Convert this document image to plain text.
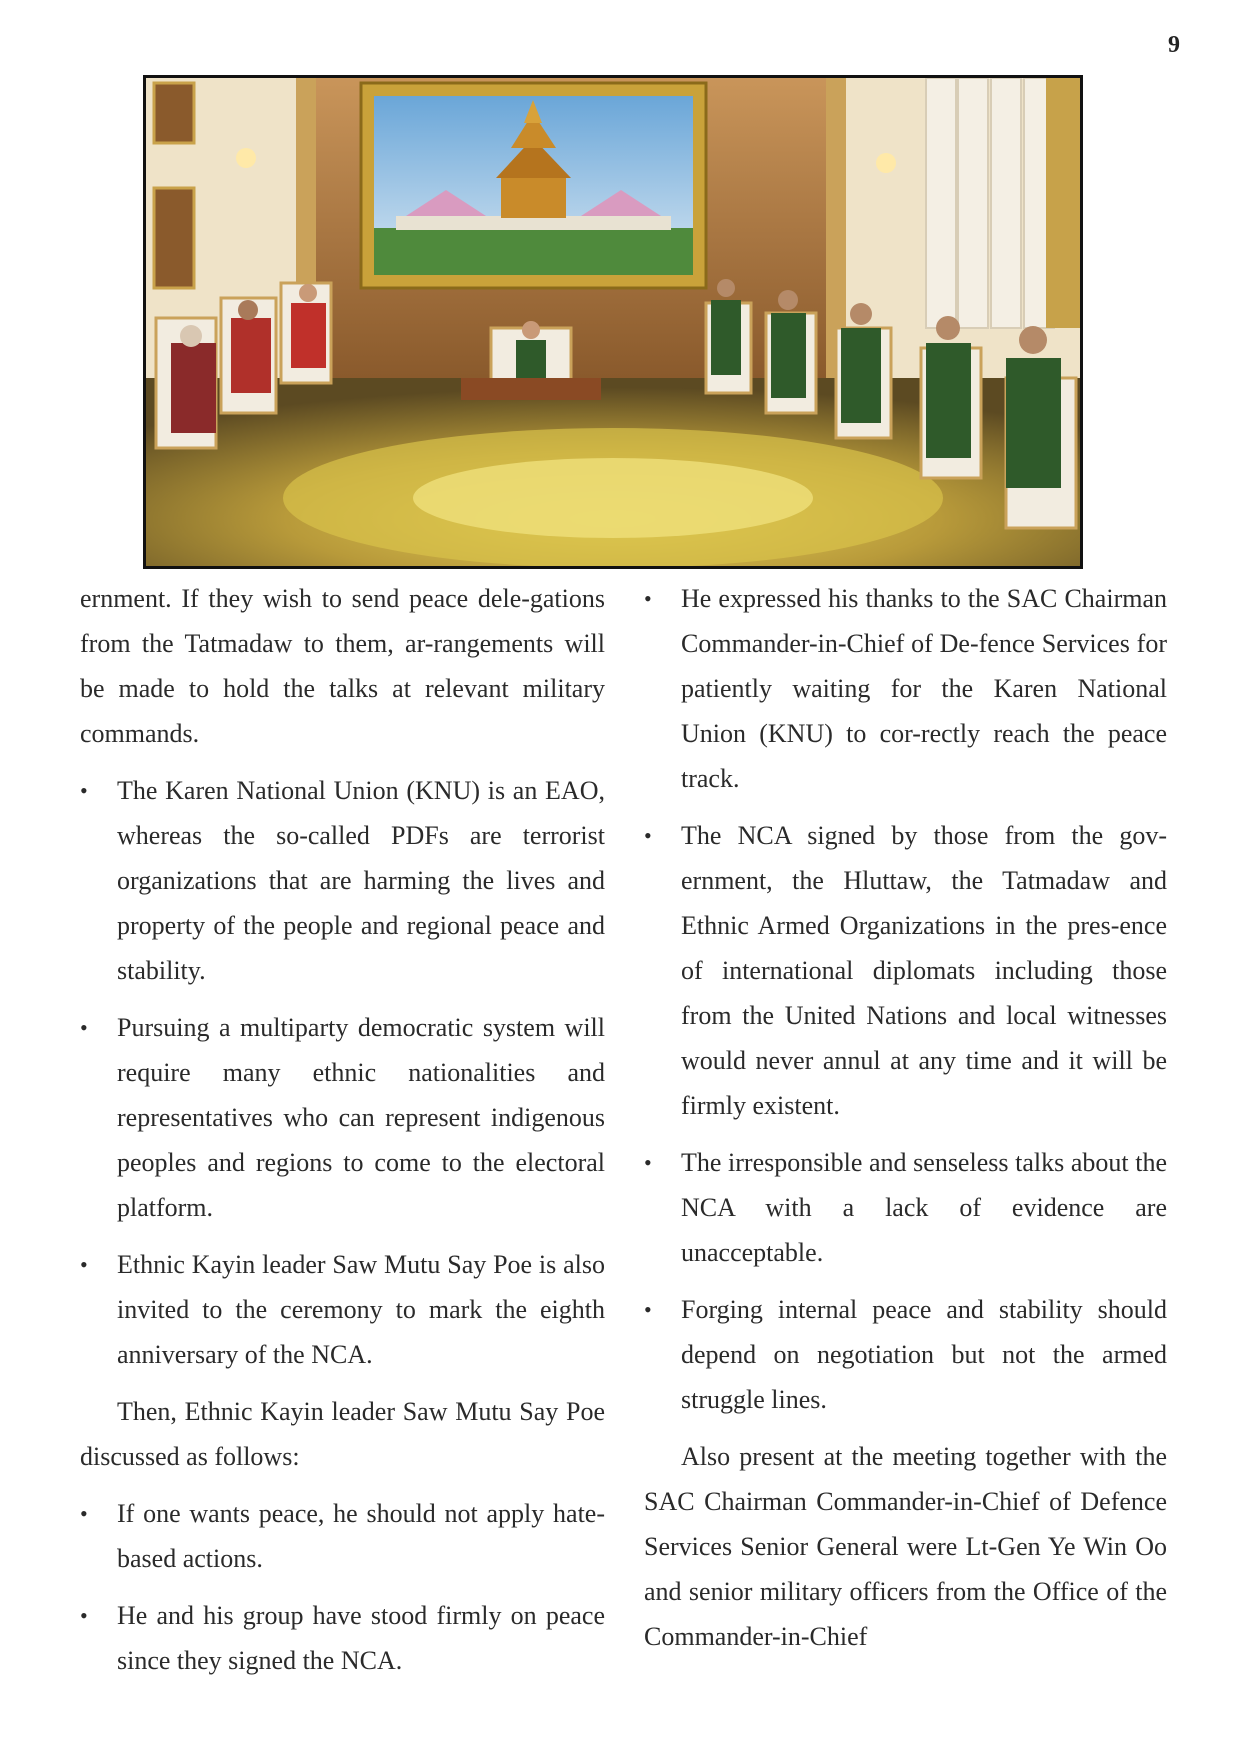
9

ernment. If they wish to send peace dele-gations from the Tatmadaw to them, ar-rangements will be made to hold the talks at relevant military commands.

•	The Karen National Union (KNU) is an EAO, whereas the so-called PDFs are terrorist organizations that are harming the lives and property of the people and regional peace and stability.
•	Pursuing a multiparty democratic system will require many ethnic nationalities and representatives who can represent indigenous peoples and regions to come to the electoral platform.
•	Ethnic Kayin leader Saw Mutu Say Poe is also invited to the ceremony to mark the eighth anniversary of the NCA.

Then, Ethnic Kayin leader Saw Mutu Say Poe discussed as follows:

•	If one wants peace, he should not apply hate-based actions.
•	He and his group have stood firmly on peace since they signed the NCA.
•	He expressed his thanks to the SAC Chairman Commander-in-Chief of De-fence Services for patiently waiting for the Karen National Union (KNU) to cor-rectly reach the peace track.
•	The NCA signed by those from the gov-ernment, the Hluttaw, the Tatmadaw and Ethnic Armed Organizations in the pres-ence of international diplomats including those from the United Nations and local witnesses would never annul at any time and it will be firmly existent.
•	The irresponsible and senseless talks about the NCA with a lack of evidence are unacceptable.
•	Forging internal peace and stability should depend on negotiation but not the armed struggle lines.

Also present at the meeting together with the SAC Chairman Commander-in-Chief of Defence Services Senior General were Lt-Gen Ye Win Oo and senior military officers from the Office of the Commander-in-Chief
